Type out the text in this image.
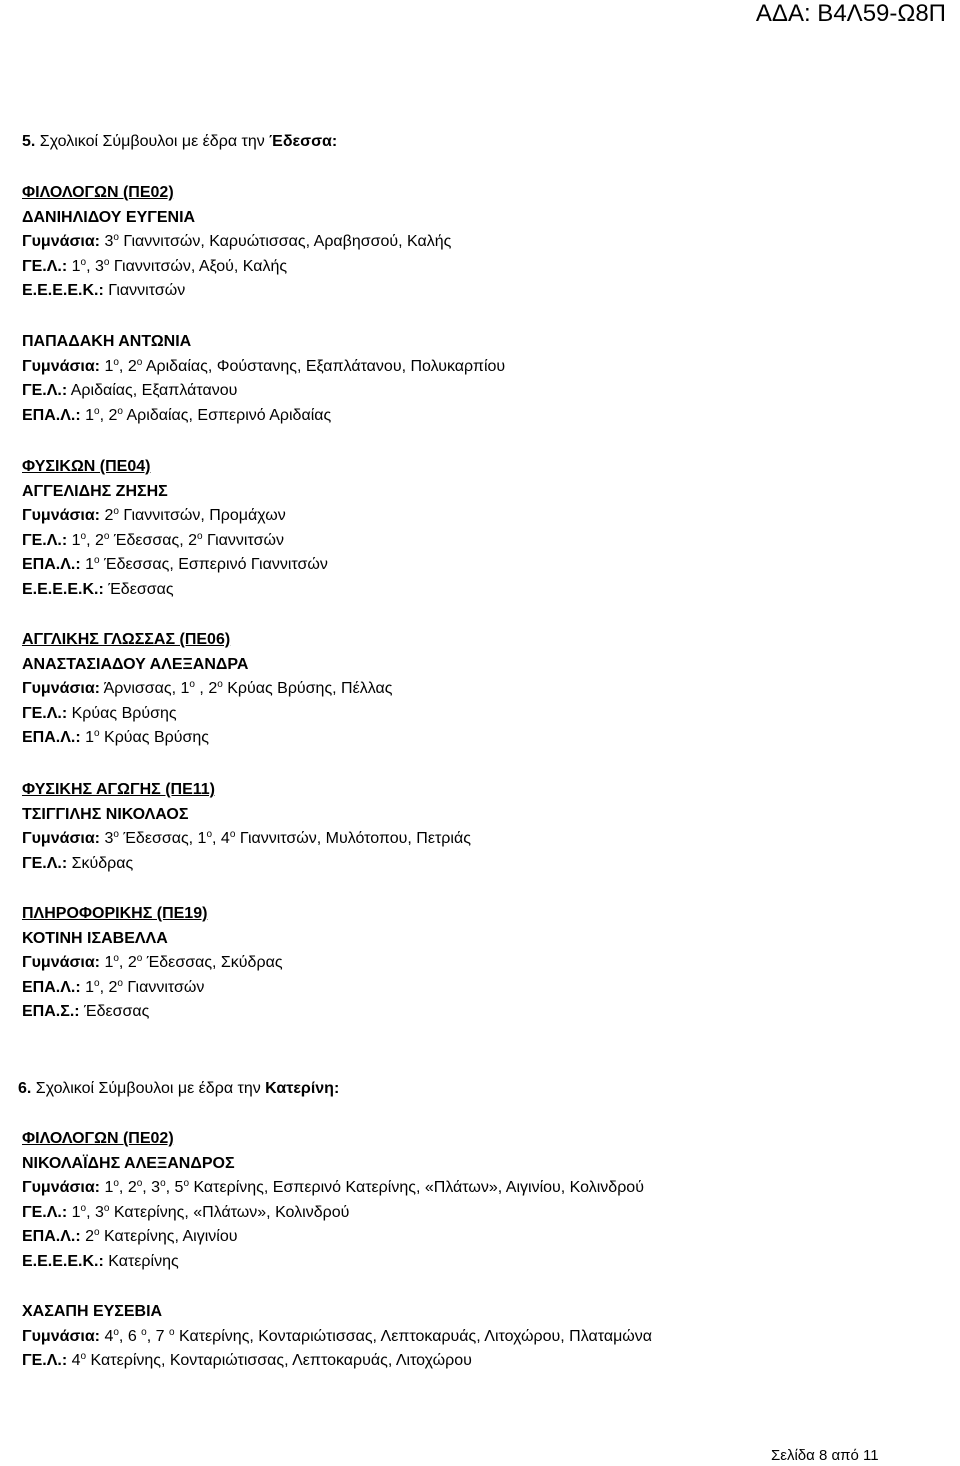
ΑΔΑ: Β4Λ59-Ω8Π
5. Σχολικοί Σύμβουλοι με έδρα την Έδεσσα:
ΦΙΛΟΛΟΓΩΝ (ΠΕ02)
ΔΑΝΙΗΛΙΔΟΥ ΕΥΓΕΝΙΑ
Γυμνάσια: $3^o$ Γιαννιτσών, Καρυώτισσας, Αραβησσού, Καλής
ΓΕ.Λ.: $1^o$, $3^o$ Γιαννιτσών, Αξού, Καλής
Ε.Ε.Ε.Ε.Κ.: Γιαννιτσών
ΠΑΠΑΔΑΚΗ ΑΝΤΩΝΙΑ
Γυμνάσια: $1^o$, $2^o$ Αριδαίας, Φούστανης, Εξαπλάτανου, Πολυκαρπίου
ΓΕ.Λ.: Αριδαίας, Εξαπλάτανου
ΕΠΑ.Λ.: $1^o$, $2^o$ Αριδαίας, Εσπερινό Αριδαίας
ΦΥΣΙΚΩΝ (ΠΕ04)
ΑΓΓΕΛΙΔΗΣ ΖΗΣΗΣ
Γυμνάσια: $2^o$ Γιαννιτσών, Προμάχων
ΓΕ.Λ.: $1^o$, $2^o$ Έδεσσας, $2^o$ Γιαννιτσών
ΕΠΑ.Λ.: $1^o$ Έδεσσας, Εσπερινό Γιαννιτσών
Ε.Ε.Ε.Ε.Κ.: Έδεσσας
ΑΓΓΛΙΚΗΣ ΓΛΩΣΣΑΣ (ΠΕ06)
ΑΝΑΣΤΑΣΙΑΔΟΥ ΑΛΕΞΑΝΔΡΑ
Γυμνάσια: Άρνισσας, $1^o$ , $2^o$ Κρύας Βρύσης, Πέλλας
ΓΕ.Λ.: Κρύας Βρύσης
ΕΠΑ.Λ.: $1^o$ Κρύας Βρύσης
ΦΥΣΙΚΗΣ ΑΓΩΓΗΣ (ΠΕ11)
ΤΣΙΓΓΙΛΗΣ ΝΙΚΟΛΑΟΣ
Γυμνάσια: $3^o$ Έδεσσας, $1^o$, $4^o$ Γιαννιτσών, Μυλότοπου, Πετριάς
ΓΕ.Λ.: Σκύδρας
ΠΛΗΡΟΦΟΡΙΚΗΣ (ΠΕ19)
ΚΟΤΙΝΗ ΙΣΑΒΕΛΛΑ
Γυμνάσια: $1^o$, $2^o$ Έδεσσας, Σκύδρας
ΕΠΑ.Λ.: $1^o$, $2^o$ Γιαννιτσών
ΕΠΑ.Σ.: Έδεσσας
6. Σχολικοί Σύμβουλοι με έδρα την Κατερίνη:
ΦΙΛΟΛΟΓΩΝ (ΠΕ02)
ΝΙΚΟΛΑΪΔΗΣ ΑΛΕΞΑΝΔΡΟΣ
Γυμνάσια: $1^o$, $2^o$, $3^o$, $5^o$ Κατερίνης, Εσπερινό Κατερίνης, «Πλάτων», Αιγινίου, Κολινδρού
ΓΕ.Λ.: $1^o$, $3^o$ Κατερίνης, «Πλάτων», Κολινδρού
ΕΠΑ.Λ.: $2^o$ Κατερίνης, Αιγινίου
Ε.Ε.Ε.Ε.Κ.: Κατερίνης
ΧΑΣΑΠΗ ΕΥΣΕΒΙΑ
Γυμνάσια: $4^o$, 6 $^o$, 7 $^o$ Κατερίνης, Κονταριώτισσας, Λεπτοκαρυάς, Λιτοχώρου, Πλαταμώνα
ΓΕ.Λ.: $4^o$ Κατερίνης, Κονταριώτισσας, Λεπτοκαρυάς, Λιτοχώρου
Σελίδα 8 από 11
